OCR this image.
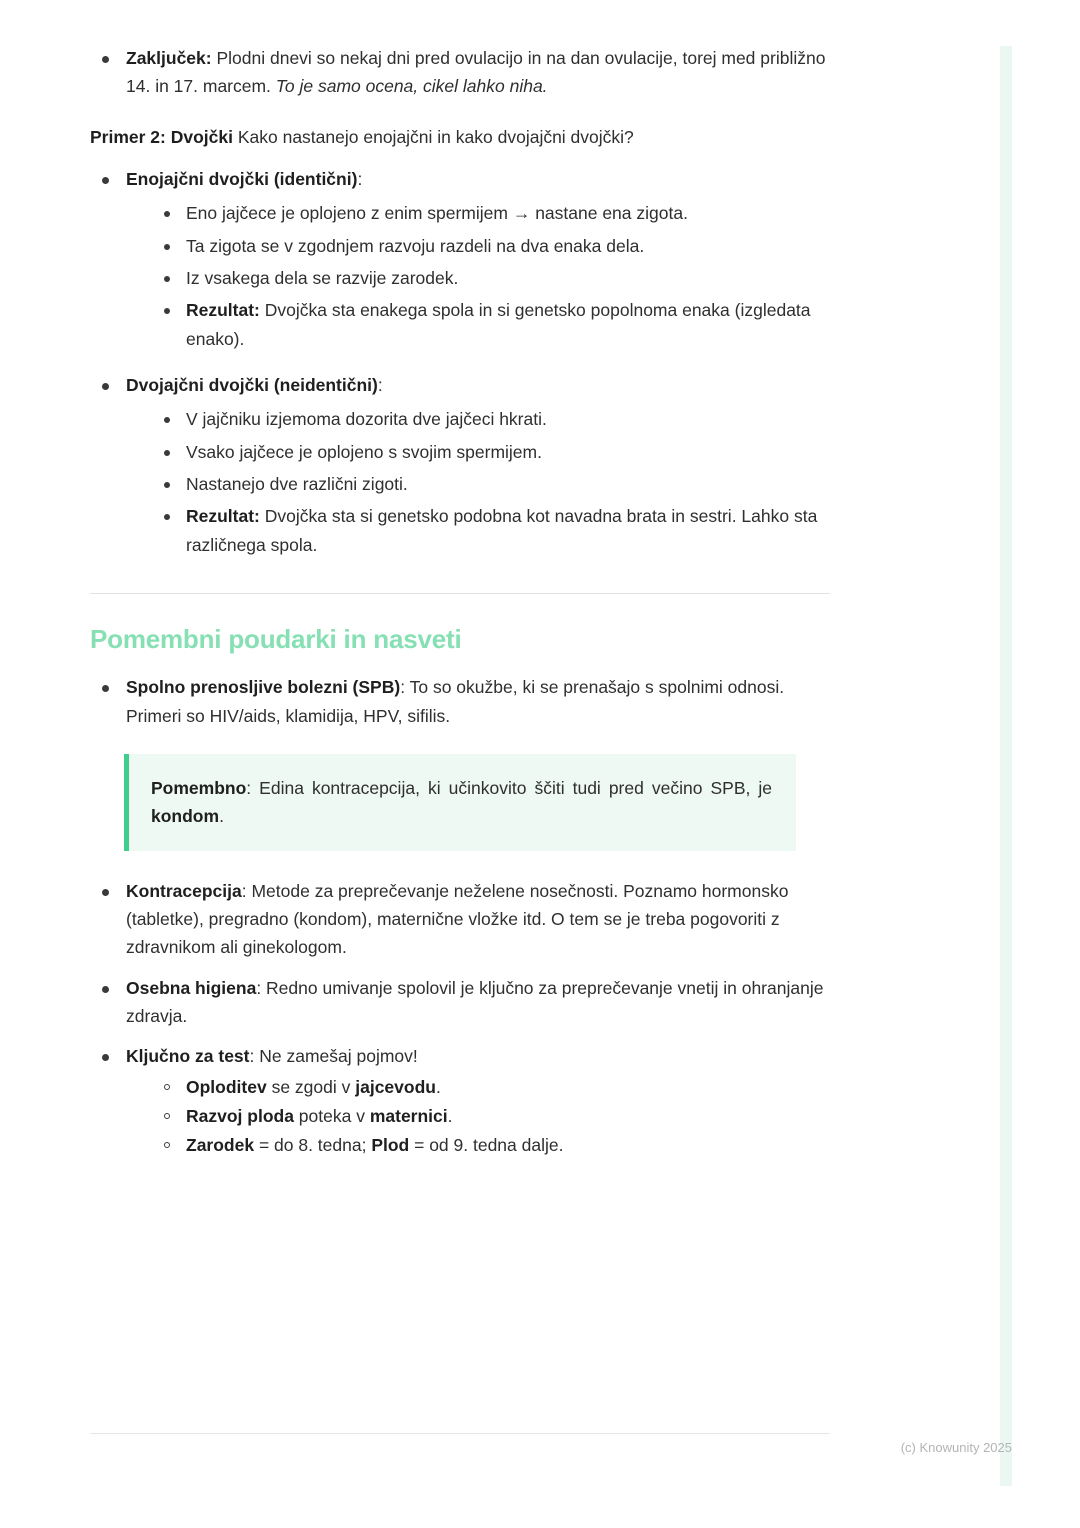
Zaključek: Plodni dnevi so nekaj dni pred ovulacijo in na dan ovulacije, torej med približno 14. in 17. marcem. To je samo ocena, cikel lahko niha.

Primer 2: Dvojčki Kako nastanejo enojajčni in kako dvojajčni dvojčki?

Enojajčni dvojčki (identični):
Eno jajčece je oplojeno z enim spermijem → nastane ena zigota.
Ta zigota se v zgodnjem razvoju razdeli na dva enaka dela.
Iz vsakega dela se razvije zarodek.
Rezultat: Dvojčka sta enakega spola in si genetsko popolnoma enaka (izgledata enako).
Dvojajčni dvojčki (neidentični):
V jajčniku izjemoma dozorita dve jajčeci hkrati.
Vsako jajčece je oplojeno s svojim spermijem.
Nastanejo dve različni zigoti.
Rezultat: Dvojčka sta si genetsko podobna kot navadna brata in sestri. Lahko sta različnega spola.
Pomembni poudarki in nasveti
Spolno prenosljive bolezni (SPB): To so okužbe, ki se prenašajo s spolnimi odnosi. Primeri so HIV/aids, klamidija, HPV, sifilis.

Pomembno: Edina kontracepcija, ki učinkovito ščiti tudi pred večino SPB, je kondom.

Kontracepcija: Metode za preprečevanje neželene nosečnosti. Poznamo hormonsko (tabletke), pregradno (kondom), maternične vložke itd. O tem se je treba pogovoriti z zdravnikom ali ginekologom.
Osebna higiena: Redno umivanje spolovil je ključno za preprečevanje vnetij in ohranjanje zdravja.
Ključno za test: Ne zamešaj pojmov!
Oploditev se zgodi v jajcevodu.
Razvoj ploda poteka v maternici.
Zarodek = do 8. tedna; Plod = od 9. tedna dalje.
(c) Knowunity 2025
